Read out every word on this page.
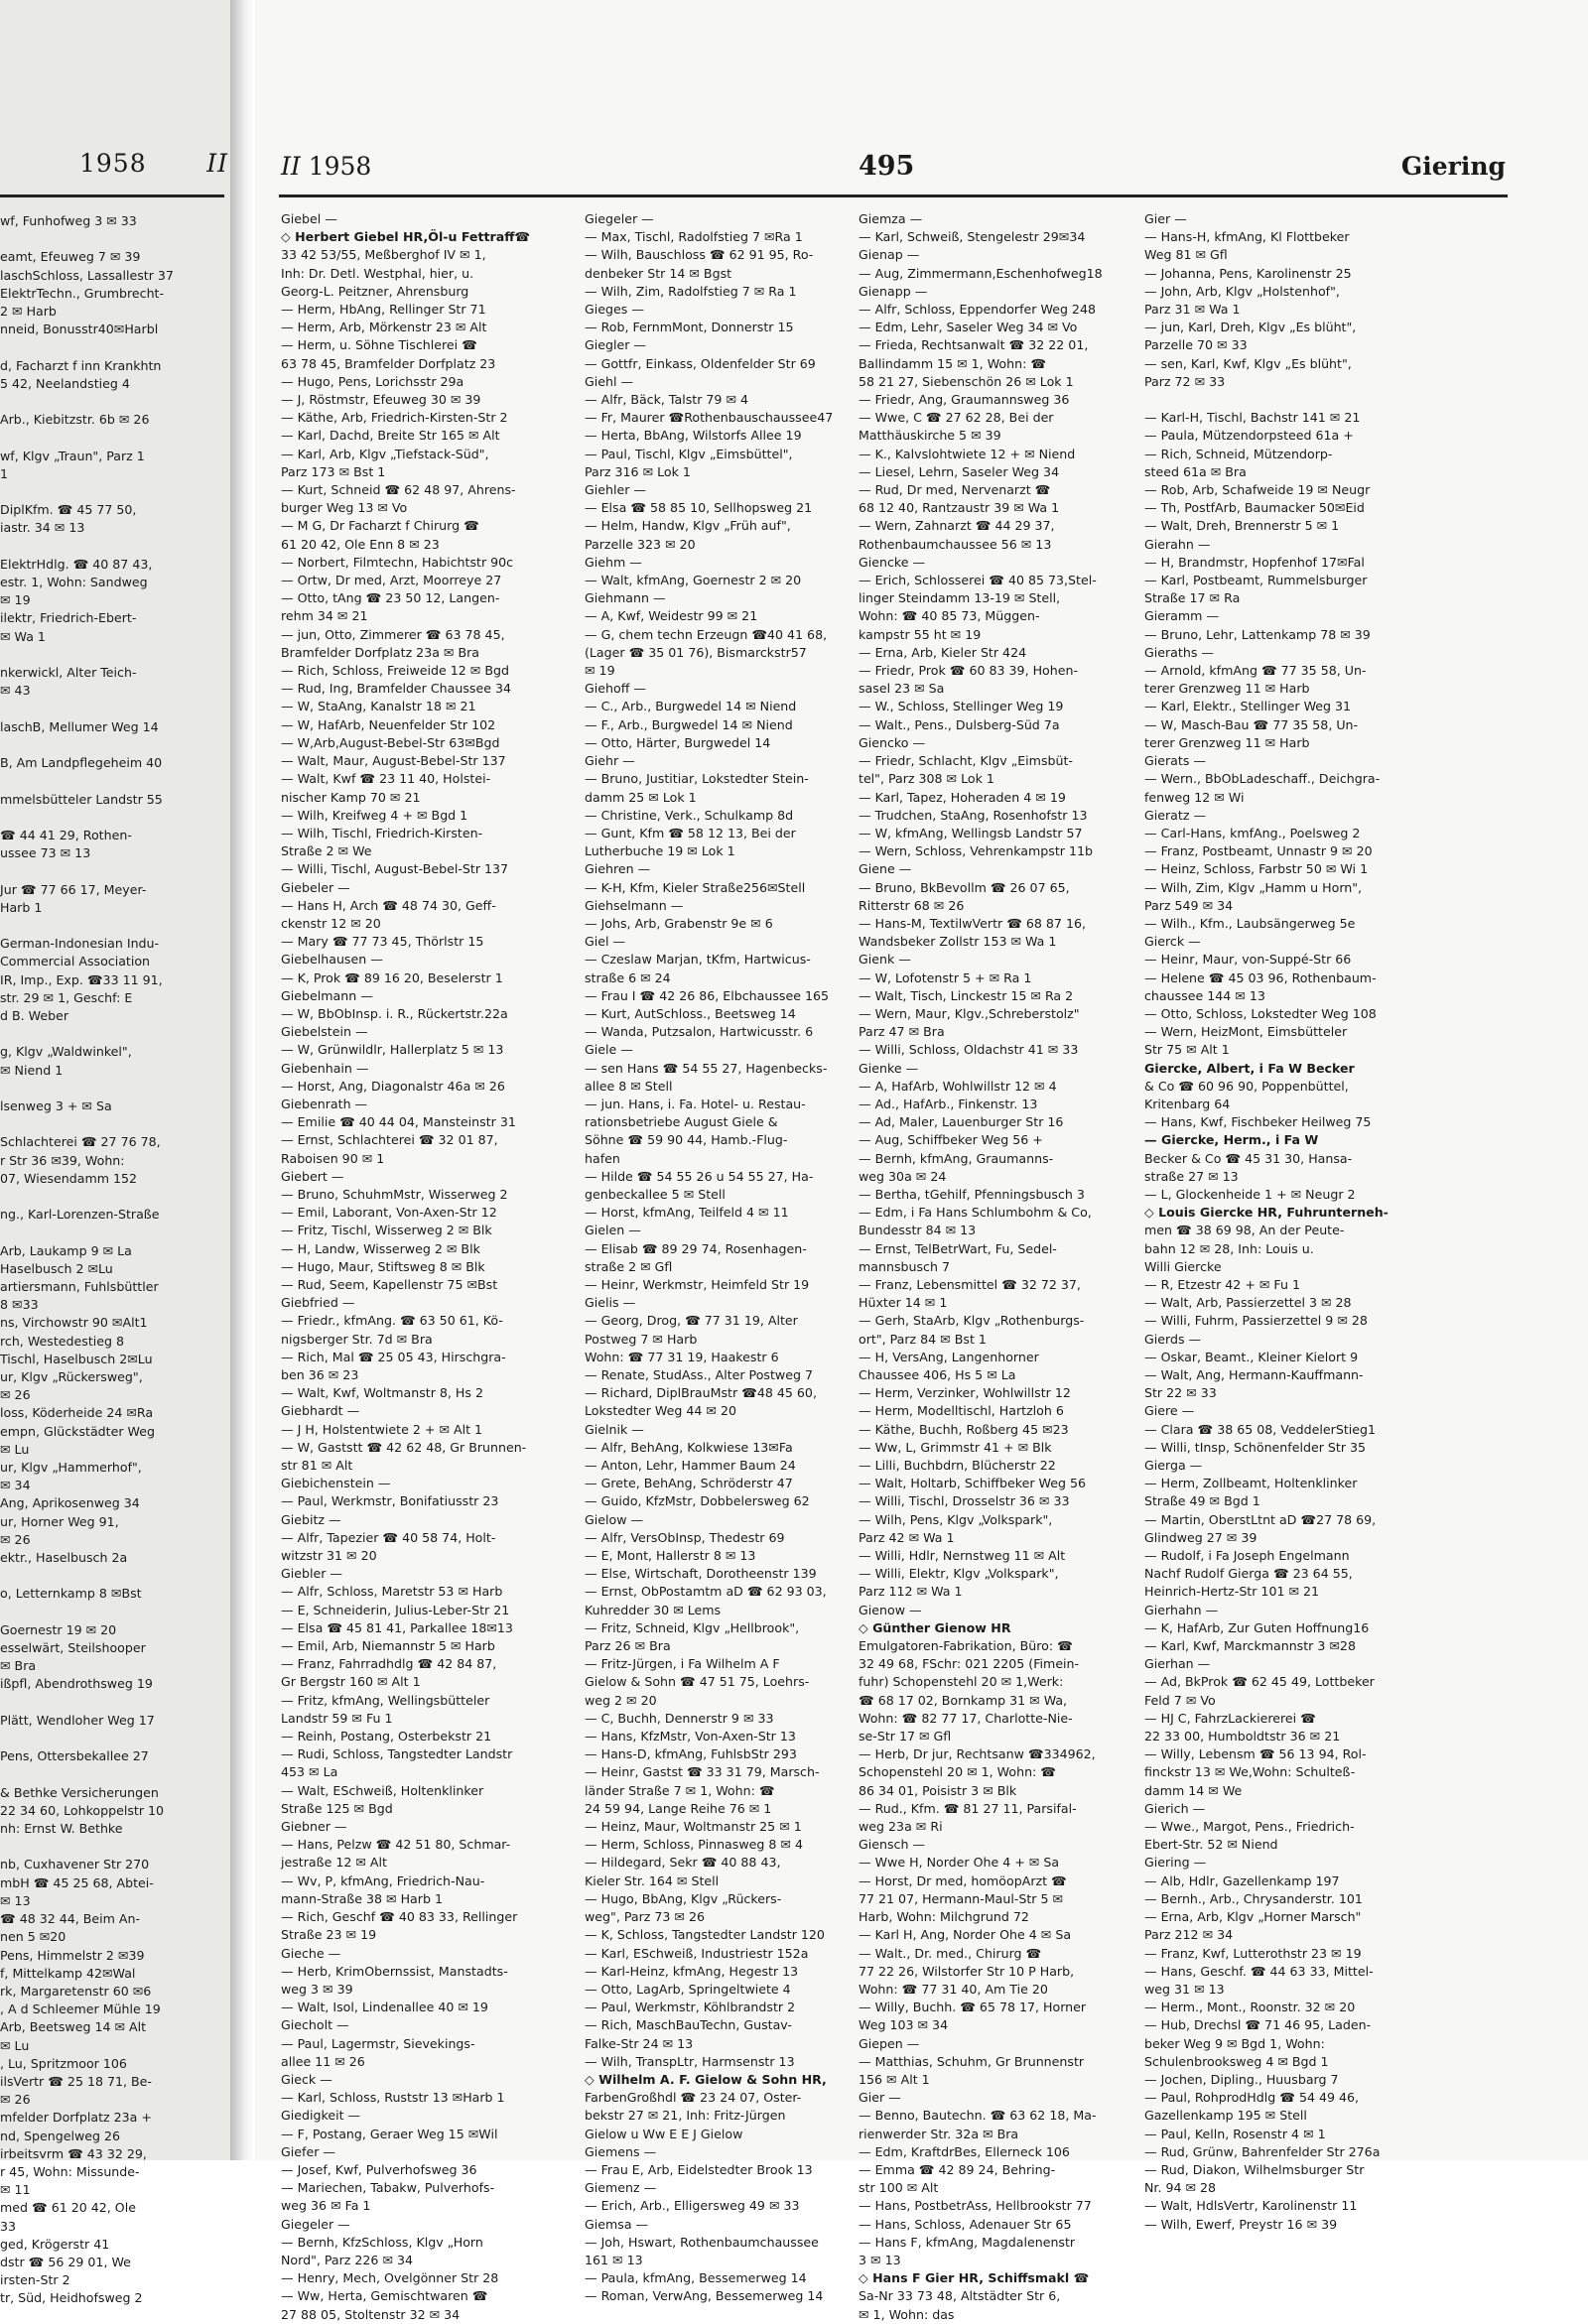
1958 II
wf, Funhofweg 3 ✉ 33

eamt, Efeuweg 7 ✉ 39
laschSchloss, Lassallestr 37
ElektrTechn., Grumbrecht-
2 ✉ Harb
nneid, Bonusstr40✉Harbl

d, Facharzt f inn Krankhtn
5 42, Neelandstieg 4

Arb., Kiebitzstr. 6b ✉ 26

wf, Klgv „Traun", Parz 1
1

DiplKfm. ☎ 45 77 50,
iastr. 34 ✉ 13

ElektrHdlg. ☎ 40 87 43,
estr. 1, Wohn: Sandweg
✉ 19
ilektr, Friedrich-Ebert-
✉ Wa 1

nkerwickl, Alter Teich-
✉ 43

laschB, Mellumer Weg 14

B, Am Landpflegeheim 40

mmelsbütteler Landstr 55

☎ 44 41 29, Rothen-
ussee 73 ✉ 13

Jur ☎ 77 66 17, Meyer-
Harb 1

German-Indonesian Indu-
Commercial Association
IR, Imp., Exp. ☎33 11 91,
str. 29 ✉ 1, Geschf: E
d B. Weber

g, Klgv „Waldwinkel",
✉ Niend 1

lsenweg 3 + ✉ Sa

Schlachterei ☎ 27 76 78,
r Str 36 ✉39, Wohn:
07, Wiesendamm 152

ng., Karl-Lorenzen-Straße

Arb, Laukamp 9 ✉ La
Haselbusch 2 ✉Lu
artiersmann, Fuhlsbüttler
8 ✉33
ns, Virchowstr 90 ✉Alt1
rch, Westedestieg 8
Tischl, Haselbusch 2✉Lu
ur, Klgv „Rückersweg",
✉ 26
loss, Köderheide 24 ✉Ra
empn, Glückstädter Weg
✉ Lu
ur, Klgv „Hammerhof",
✉ 34
Ang, Aprikosenweg 34
ur, Horner Weg 91,
✉ 26
ektr., Haselbusch 2a

o, Letternkamp 8 ✉Bst

Goernestr 19 ✉ 20
esselwärt, Steilshooper
✉ Bra
ißpfl, Abendrothsweg 19

Plätt, Wendloher Weg 17

Pens, Ottersbekallee 27

& Bethke Versicherungen
22 34 60, Lohkoppelstr 10
nh: Ernst W. Bethke

nb, Cuxhavener Str 270
mbH ☎ 45 25 68, Abtei-
✉ 13
☎ 48 32 44, Beim An-
nen 5 ✉20
Pens, Himmelstr 2 ✉39
f, Mittelkamp 42✉Wal
rk, Margaretenstr 60 ✉6
, A d Schleemer Mühle 19
Arb, Beetsweg 14 ✉ Alt
✉ Lu
, Lu, Spritzmoor 106
ilsVertr ☎ 25 18 71, Be-
✉ 26
mfelder Dorfplatz 23a +
nd, Spengelweg 26
irbeitsvrm ☎ 43 32 29,
r 45, Wohn: Missunde-
✉ 11
med ☎ 61 20 42, Ole
33
ged, Krögerstr 41
dstr ☎ 56 29 01, We
irsten-Str 2
tr, Süd, Heidhofsweg 2
II 1958	495	Giering
Giebel —
◇ Herbert Giebel HR,Öl-u Fettraff☎
33 42 53/55, Meßberghof IV ✉ 1,
Inh: Dr. Detl. Westphal, hier, u.
Georg-L. Peitzner, Ahrensburg
— Herm, HbAng, Rellinger Str 71
— Herm, Arb, Mörkenstr 23 ✉ Alt
— Herm, u. Söhne Tischlerei ☎
63 78 45, Bramfelder Dorfplatz 23
— Hugo, Pens, Lorichsstr 29a
— J, Röstmstr, Efeuweg 30 ✉ 39
— Käthe, Arb, Friedrich-Kirsten-Str 2
— Karl, Dachd, Breite Str 165 ✉ Alt
— Karl, Arb, Klgv „Tiefstack-Süd",
Parz 173 ✉ Bst 1
— Kurt, Schneid ☎ 62 48 97, Ahrens-
burger Weg 13 ✉ Vo
— M G, Dr Facharzt f Chirurg ☎
61 20 42, Ole Enn 8 ✉ 23
— Norbert, Filmtechn, Habichtstr 90c
— Ortw, Dr med, Arzt, Moorreye 27
— Otto, tAng ☎ 23 50 12, Langen-
rehm 34 ✉ 21
— jun, Otto, Zimmerer ☎ 63 78 45,
Bramfelder Dorfplatz 23a ✉ Bra
— Rich, Schloss, Freiweide 12 ✉ Bgd
— Rud, Ing, Bramfelder Chaussee 34
— W, StaAng, Kanalstr 18 ✉ 21
— W, HafArb, Neuenfelder Str 102
— W,Arb,August-Bebel-Str 63✉Bgd
— Walt, Maur, August-Bebel-Str 137
— Walt, Kwf ☎ 23 11 40, Holstei-
nischer Kamp 70 ✉ 21
— Wilh, Kreifweg 4 + ✉ Bgd 1
— Wilh, Tischl, Friedrich-Kirsten-
Straße 2 ✉ We
— Willi, Tischl, August-Bebel-Str 137
Giebeler —
— Hans H, Arch ☎ 48 74 30, Geff-
ckenstr 12 ✉ 20
— Mary ☎ 77 73 45, Thörlstr 15
Giebelhausen —
— K, Prok ☎ 89 16 20, Beselerstr 1
Giebelmann —
— W, BbObInsp. i. R., Rückertstr.22a
Giebelstein —
— W, Grünwildlr, Hallerplatz 5 ✉ 13
Giebenhain —
— Horst, Ang, Diagonalstr 46a ✉ 26
Giebenrath —
— Emilie ☎ 40 44 04, Mansteinstr 31
— Ernst, Schlachterei ☎ 32 01 87,
Raboisen 90 ✉ 1
Giebert —
— Bruno, SchuhmMstr, Wisserweg 2
— Emil, Laborant, Von-Axen-Str 12
— Fritz, Tischl, Wisserweg 2 ✉ Blk
— H, Landw, Wisserweg 2 ✉ Blk
— Hugo, Maur, Stiftsweg 8 ✉ Blk
— Rud, Seem, Kapellenstr 75 ✉Bst
Giebfried —
— Friedr., kfmAng. ☎ 63 50 61, Kö-
nigsberger Str. 7d ✉ Bra
— Rich, Mal ☎ 25 05 43, Hirschgra-
ben 36 ✉ 23
— Walt, Kwf, Woltmanstr 8, Hs 2
Giebhardt —
— J H, Holstentwiete 2 + ✉ Alt 1
— W, Gaststt ☎ 42 62 48, Gr Brunnen-
str 81 ✉ Alt
Giebichenstein —
— Paul, Werkmstr, Bonifatiusstr 23
Giebitz —
— Alfr, Tapezier ☎ 40 58 74, Holt-
witzstr 31 ✉ 20
Giebler —
— Alfr, Schloss, Maretstr 53 ✉ Harb
— E, Schneiderin, Julius-Leber-Str 21
— Elsa ☎ 45 81 41, Parkallee 18✉13
— Emil, Arb, Niemannstr 5 ✉ Harb
— Franz, Fahrradhdlg ☎ 42 84 87,
Gr Bergstr 160 ✉ Alt 1
— Fritz, kfmAng, Wellingsbütteler
Landstr 59 ✉ Fu 1
— Reinh, Postang, Osterbekstr 21
— Rudi, Schloss, Tangstedter Landstr
453 ✉ La
— Walt, ESchweiß, Holtenklinker
Straße 125 ✉ Bgd
Giebner —
— Hans, Pelzw ☎ 42 51 80, Schmar-
jestraße 12 ✉ Alt
— Wv, P, kfmAng, Friedrich-Nau-
mann-Straße 38 ✉ Harb 1
— Rich, Geschf ☎ 40 83 33, Rellinger
Straße 23 ✉ 19
Gieche —
— Herb, KrimObernssist, Manstadts-
weg 3 ✉ 39
— Walt, Isol, Lindenallee 40 ✉ 19
Giecholt —
— Paul, Lagermstr, Sievekings-
allee 11 ✉ 26
Gieck —
— Karl, Schloss, Ruststr 13 ✉Harb 1
Giedigkeit —
— F, Postang, Geraer Weg 15 ✉Wil
Giefer —
— Josef, Kwf, Pulverhofsweg 36
— Mariechen, Tabakw, Pulverhofs-
weg 36 ✉ Fa 1
Giegeler —
— Bernh, KfzSchloss, Klgv „Horn
Nord", Parz 226 ✉ 34
— Henry, Mech, Ovelgönner Str 28
— Ww, Herta, Gemischtwaren ☎
27 88 05, Stoltenstr 32 ✉ 34
Giegeler —
— Max, Tischl, Radolfstieg 7 ✉Ra 1
— Wilh, Bauschloss ☎ 62 91 95, Ro-
denbeker Str 14 ✉ Bgst
— Wilh, Zim, Radolfstieg 7 ✉ Ra 1
Gieges —
— Rob, FernmMont, Donnerstr 15
Giegler —
— Gottfr, Einkass, Oldenfelder Str 69
Giehl —
— Alfr, Bäck, Talstr 79 ✉ 4
— Fr, Maurer ☎Rothenbauschaussee47
— Herta, BbAng, Wilstorfs Allee 19
— Paul, Tischl, Klgv „Eimsbüttel",
Parz 316 ✉ Lok 1
Giehler —
— Elsa ☎ 58 85 10, Sellhopsweg 21
— Helm, Handw, Klgv „Früh auf",
Parzelle 323 ✉ 20
Giehm —
— Walt, kfmAng, Goernestr 2 ✉ 20
Giehmann —
— A, Kwf, Weidestr 99 ✉ 21
— G, chem techn Erzeugn ☎40 41 68,
(Lager ☎ 35 01 76), Bismarckstr57
✉ 19
Giehoff —
— C., Arb., Burgwedel 14 ✉ Niend
— F., Arb., Burgwedel 14 ✉ Niend
— Otto, Härter, Burgwedel 14
Giehr —
— Bruno, Justitiar, Lokstedter Stein-
damm 25 ✉ Lok 1
— Christine, Verk., Schulkamp 8d
— Gunt, Kfm ☎ 58 12 13, Bei der
Lutherbuche 19 ✉ Lok 1
Giehren —
— K-H, Kfm, Kieler Straße256✉Stell
Giehselmann —
— Johs, Arb, Grabenstr 9e ✉ 6
Giel —
— Czeslaw Marjan, tKfm, Hartwicus-
straße 6 ✉ 24
— Frau I ☎ 42 26 86, Elbchaussee 165
— Kurt, AutSchloss., Beetsweg 14
— Wanda, Putzsalon, Hartwicusstr. 6
Giele —
— sen Hans ☎ 54 55 27, Hagenbecks-
allee 8 ✉ Stell
— jun. Hans, i. Fa. Hotel- u. Restau-
rationsbetriebe August Giele &
Söhne ☎ 59 90 44, Hamb.-Flug-
hafen
— Hilde ☎ 54 55 26 u 54 55 27, Ha-
genbeckallee 5 ✉ Stell
— Horst, kfmAng, Teilfeld 4 ✉ 11
Gielen —
— Elisab ☎ 89 29 74, Rosenhagen-
straße 2 ✉ Gfl
— Heinr, Werkmstr, Heimfeld Str 19
Gielis —
— Georg, Drog, ☎ 77 31 19, Alter
Postweg 7 ✉ Harb
Wohn: ☎ 77 31 19, Haakestr 6
— Renate, StudAss., Alter Postweg 7
— Richard, DiplBrauMstr ☎48 45 60,
Lokstedter Weg 44 ✉ 20
Gielnik —
— Alfr, BehAng, Kolkwiese 13✉Fa
— Anton, Lehr, Hammer Baum 24
— Grete, BehAng, Schröderstr 47
— Guido, KfzMstr, Dobbelersweg 62
Gielow —
— Alfr, VersObInsp, Thedestr 69
— E, Mont, Hallerstr 8 ✉ 13
— Else, Wirtschaft, Dorotheenstr 139
— Ernst, ObPostamtm aD ☎ 62 93 03,
Kuhredder 30 ✉ Lems
— Fritz, Schneid, Klgv „Hellbrook",
Parz 26 ✉ Bra
— Fritz-Jürgen, i Fa Wilhelm A F
Gielow & Sohn ☎ 47 51 75, Loehrs-
weg 2 ✉ 20
— C, Buchh, Dennerstr 9 ✉ 33
— Hans, KfzMstr, Von-Axen-Str 13
— Hans-D, kfmAng, FuhlsbStr 293
— Heinr, Gastst ☎ 33 31 79, Marsch-
länder Straße 7 ✉ 1, Wohn: ☎
24 59 94, Lange Reihe 76 ✉ 1
— Heinz, Maur, Woltmanstr 25 ✉ 1
— Herm, Schloss, Pinnasweg 8 ✉ 4
— Hildegard, Sekr ☎ 40 88 43,
Kieler Str. 164 ✉ Stell
— Hugo, BbAng, Klgv „Rückers-
weg", Parz 73 ✉ 26
— K, Schloss, Tangstedter Landstr 120
— Karl, ESchweiß, Industriestr 152a
— Karl-Heinz, kfmAng, Hegestr 13
— Otto, LagArb, Springeltwiete 4
— Paul, Werkmstr, Köhlbrandstr 2
— Rich, MaschBauTechn, Gustav-
Falke-Str 24 ✉ 13
— Wilh, TranspLtr, Harmsenstr 13
◇ Wilhelm A. F. Gielow & Sohn HR,
FarbenGroßhdl ☎ 23 24 07, Oster-
bekstr 27 ✉ 21, Inh: Fritz-Jürgen
Gielow u Ww E E J Gielow
Giemens —
— Frau E, Arb, Eidelstedter Brook 13
Giemenz —
— Erich, Arb., Elligersweg 49 ✉ 33
Giemsa —
— Joh, Hswart, Rothenbaumchaussee
161 ✉ 13
— Paula, kfmAng, Bessemerweg 14
— Roman, VerwAng, Bessemerweg 14
Giemza —
— Karl, Schweiß, Stengelestr 29✉34
Gienap —
— Aug, Zimmermann,Eschenhofweg18
Gienapp —
— Alfr, Schloss, Eppendorfer Weg 248
— Edm, Lehr, Saseler Weg 34 ✉ Vo
— Frieda, Rechtsanwalt ☎ 32 22 01,
Ballindamm 15 ✉ 1, Wohn: ☎
58 21 27, Siebenschön 26 ✉ Lok 1
— Friedr, Ang, Graumannsweg 36
— Wwe, C ☎ 27 62 28, Bei der
Matthäuskirche 5 ✉ 39
— K., Kalvslohtwiete 12 + ✉ Niend
— Liesel, Lehrn, Saseler Weg 34
— Rud, Dr med, Nervenarzt ☎
68 12 40, Rantzaustr 39 ✉ Wa 1
— Wern, Zahnarzt ☎ 44 29 37,
Rothenbaumchaussee 56 ✉ 13
Giencke —
— Erich, Schlosserei ☎ 40 85 73,Stel-
linger Steindamm 13-19 ✉ Stell,
Wohn: ☎ 40 85 73, Müggen-
kampstr 55 ht ✉ 19
— Erna, Arb, Kieler Str 424
— Friedr, Prok ☎ 60 83 39, Hohen-
sasel 23 ✉ Sa
— W., Schloss, Stellinger Weg 19
— Walt., Pens., Dulsberg-Süd 7a
Giencko —
— Friedr, Schlacht, Klgv „Eimsbüt-
tel", Parz 308 ✉ Lok 1
— Karl, Tapez, Hoheraden 4 ✉ 19
— Trudchen, StaAng, Rosenhofstr 13
— W, kfmAng, Wellingsb Landstr 57
— Wern, Schloss, Vehrenkampstr 11b
Giene —
— Bruno, BkBevollm ☎ 26 07 65,
Ritterstr 68 ✉ 26
— Hans-M, TextilwVertr ☎ 68 87 16,
Wandsbeker Zollstr 153 ✉ Wa 1
Gienk —
— W, Lofotenstr 5 + ✉ Ra 1
— Walt, Tisch, Linckestr 15 ✉ Ra 2
— Wern, Maur, Klgv.,Schreberstolz"
Parz 47 ✉ Bra
— Willi, Schloss, Oldachstr 41 ✉ 33
Gienke —
— A, HafArb, Wohlwillstr 12 ✉ 4
— Ad., HafArb., Finkenstr. 13
— Ad, Maler, Lauenburger Str 16
— Aug, Schiffbeker Weg 56 +
— Bernh, kfmAng, Graumanns-
weg 30a ✉ 24
— Bertha, tGehilf, Pfenningsbusch 3
— Edm, i Fa Hans Schlumbohm & Co,
Bundesstr 84 ✉ 13
— Ernst, TelBetrWart, Fu, Sedel-
mannsbusch 7
— Franz, Lebensmittel ☎ 32 72 37,
Hüxter 14 ✉ 1
— Gerh, StaArb, Klgv „Rothenburgs-
ort", Parz 84 ✉ Bst 1
— H, VersAng, Langenhorner
Chaussee 406, Hs 5 ✉ La
— Herm, Verzinker, Wohlwillstr 12
— Herm, Modelltischl, Hartzloh 6
— Käthe, Buchh, Roßberg 45 ✉23
— Ww, L, Grimmstr 41 + ✉ Blk
— Lilli, Buchbdrn, Blücherstr 22
— Walt, Holtarb, Schiffbeker Weg 56
— Willi, Tischl, Drosselstr 36 ✉ 33
— Wilh, Pens, Klgv „Volkspark",
Parz 42 ✉ Wa 1
— Willi, Hdlr, Nernstweg 11 ✉ Alt
— Willi, Elektr, Klgv „Volkspark",
Parz 112 ✉ Wa 1
Gienow —
◇ Günther Gienow HR
Emulgatoren-Fabrikation, Büro: ☎
32 49 68, FSchr: 021 2205 (Fimein-
fuhr) Schopenstehl 20 ✉ 1,Werk:
☎ 68 17 02, Bornkamp 31 ✉ Wa,
Wohn: ☎ 82 77 17, Charlotte-Nie-
se-Str 17 ✉ Gfl
— Herb, Dr jur, Rechtsanw ☎334962,
Schopenstehl 20 ✉ 1, Wohn: ☎
86 34 01, Poisistr 3 ✉ Blk
— Rud., Kfm. ☎ 81 27 11, Parsifal-
weg 23a ✉ Ri
Giensch —
— Wwe H, Norder Ohe 4 + ✉ Sa
— Horst, Dr med, homöopArzt ☎
77 21 07, Hermann-Maul-Str 5 ✉
Harb, Wohn: Milchgrund 72
— Karl H, Ang, Norder Ohe 4 ✉ Sa
— Walt., Dr. med., Chirurg ☎
77 22 26, Wilstorfer Str 10 P Harb,
Wohn: ☎ 77 31 40, Am Tie 20
— Willy, Buchh. ☎ 65 78 17, Horner
Weg 103 ✉ 34
Giepen —
— Matthias, Schuhm, Gr Brunnenstr
156 ✉ Alt 1
Gier —
— Benno, Bautechn. ☎ 63 62 18, Ma-
rienwerder Str. 32a ✉ Bra
— Edm, KraftdrBes, Ellerneck 106
— Emma ☎ 42 89 24, Behring-
str 100 ✉ Alt
— Hans, PostbetrAss, Hellbrookstr 77
— Hans, Schloss, Adenauer Str 65
— Hans F, kfmAng, Magdalenenstr
3 ✉ 13
◇ Hans F Gier HR, Schiffsmakl ☎
Sa-Nr 33 73 48, Altstädter Str 6,
✉ 1, Wohn: das
Gier —
— Hans-H, kfmAng, Kl Flottbeker
Weg 81 ✉ Gfl
— Johanna, Pens, Karolinenstr 25
— John, Arb, Klgv „Holstenhof",
Parz 31 ✉ Wa 1
— jun, Karl, Dreh, Klgv „Es blüht",
Parzelle 70 ✉ 33
— sen, Karl, Kwf, Klgv „Es blüht",
Parz 72 ✉ 33

— Karl-H, Tischl, Bachstr 141 ✉ 21
— Paula, Mützendorpsteed 61a +
— Rich, Schneid, Mützendorp-
steed 61a ✉ Bra
— Rob, Arb, Schafweide 19 ✉ Neugr
— Th, PostfArb, Baumacker 50✉Eid
— Walt, Dreh, Brennerstr 5 ✉ 1
Gierahn —
— H, Brandmstr, Hopfenhof 17✉Fal
— Karl, Postbeamt, Rummelsburger
Straße 17 ✉ Ra
Gieramm —
— Bruno, Lehr, Lattenkamp 78 ✉ 39
Gieraths —
— Arnold, kfmAng ☎ 77 35 58, Un-
terer Grenzweg 11 ✉ Harb
— Karl, Elektr., Stellinger Weg 31
— W, Masch-Bau ☎ 77 35 58, Un-
terer Grenzweg 11 ✉ Harb
Gierats —
— Wern., BbObLadeschaff., Deichgra-
fenweg 12 ✉ Wi
Gieratz —
— Carl-Hans, kmfAng., Poelsweg 2
— Franz, Postbeamt, Unnastr 9 ✉ 20
— Heinz, Schloss, Farbstr 50 ✉ Wi 1
— Wilh, Zim, Klgv „Hamm u Horn",
Parz 549 ✉ 34
— Wilh., Kfm., Laubsängerweg 5e
Gierck —
— Heinr, Maur, von-Suppé-Str 66
— Helene ☎ 45 03 96, Rothenbaum-
chaussee 144 ✉ 13
— Otto, Schloss, Lokstedter Weg 108
— Wern, HeizMont, Eimsbütteler
Str 75 ✉ Alt 1
Giercke, Albert, i Fa W Becker
& Co ☎ 60 96 90, Poppenbüttel,
Kritenbarg 64
— Hans, Kwf, Fischbeker Heilweg 75
— Giercke, Herm., i Fa W
Becker & Co ☎ 45 31 30, Hansa-
straße 27 ✉ 13
— L, Glockenheide 1 + ✉ Neugr 2
◇ Louis Giercke HR, Fuhrunterneh-
men ☎ 38 69 98, An der Peute-
bahn 12 ✉ 28, Inh: Louis u.
Willi Giercke
— R, Etzestr 42 + ✉ Fu 1
— Walt, Arb, Passierzettel 3 ✉ 28
— Willi, Fuhrm, Passierzettel 9 ✉ 28
Gierds —
— Oskar, Beamt., Kleiner Kielort 9
— Walt, Ang, Hermann-Kauffmann-
Str 22 ✉ 33
Giere —
— Clara ☎ 38 65 08, VeddelerStieg1
— Willi, tInsp, Schönenfelder Str 35
Gierga —
— Herm, Zollbeamt, Holtenklinker
Straße 49 ✉ Bgd 1
— Martin, OberstLtnt aD ☎27 78 69,
Glindweg 27 ✉ 39
— Rudolf, i Fa Joseph Engelmann
Nachf Rudolf Gierga ☎ 23 64 55,
Heinrich-Hertz-Str 101 ✉ 21
Gierhahn —
— K, HafArb, Zur Guten Hoffnung16
— Karl, Kwf, Marckmannstr 3 ✉28
Gierhan —
— Ad, BkProk ☎ 62 45 49, Lottbeker
Feld 7 ✉ Vo
— HJ C, FahrzLackiererei ☎
22 33 00, Humboldtstr 36 ✉ 21
— Willy, Lebensm ☎ 56 13 94, Rol-
finckstr 13 ✉ We,Wohn: Schulteß-
damm 14 ✉ We
Gierich —
— Wwe., Margot, Pens., Friedrich-
Ebert-Str. 52 ✉ Niend
Giering —
— Alb, Hdlr, Gazellenkamp 197
— Bernh., Arb., Chrysanderstr. 101
— Erna, Arb, Klgv „Horner Marsch"
Parz 212 ✉ 34
— Franz, Kwf, Lutterothstr 23 ✉ 19
— Hans, Geschf. ☎ 44 63 33, Mittel-
weg 31 ✉ 13
— Herm., Mont., Roonstr. 32 ✉ 20
— Hub, Drechsl ☎ 71 46 95, Laden-
beker Weg 9 ✉ Bgd 1, Wohn:
Schulenbrooksweg 4 ✉ Bgd 1
— Jochen, Dipling., Huusbarg 7
— Paul, RohprodHdlg ☎ 54 49 46,
Gazellenkamp 195 ✉ Stell
— Paul, Kelln, Rosenstr 4 ✉ 1
— Rud, Grünw, Bahrenfelder Str 276a
— Rud, Diakon, Wilhelmsburger Str
Nr. 94 ✉ 28
— Walt, HdlsVertr, Karolinenstr 11
— Wilh, Ewerf, Preystr 16 ✉ 39
